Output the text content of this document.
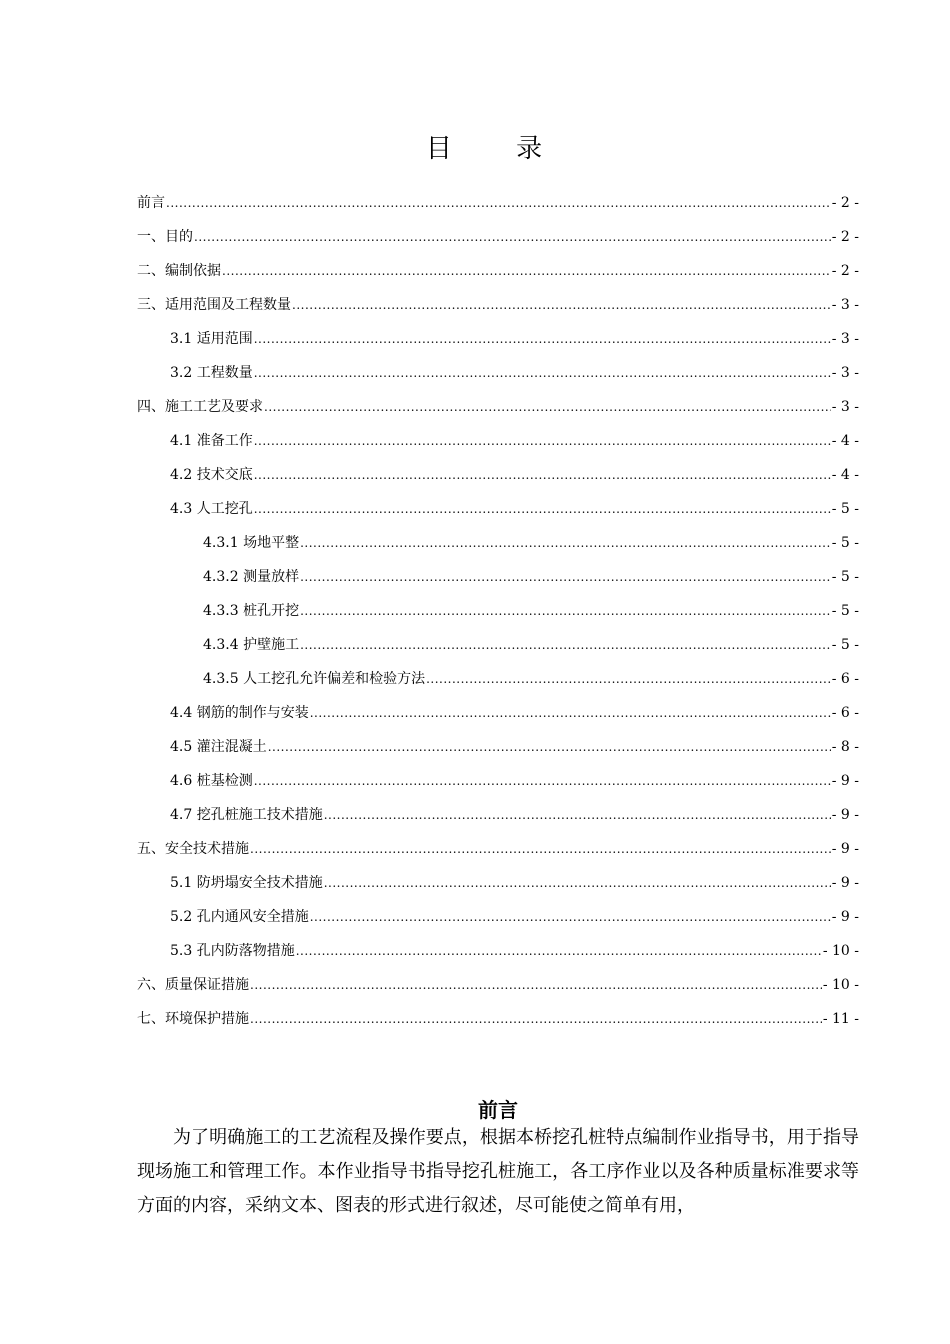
目 录
前言 .....	- 2 -
一、目的 .....	- 2 -
二、编制依据 .....	- 2 -
三、适用范围及工程数量 .....	- 3 -
3.1 适用范围 .....	- 3 -
3.2 工程数量 .....	- 3 -
四、施工工艺及要求 .....	- 3 -
4.1 准备工作 .....	- 4 -
4.2 技术交底 .....	- 4 -
4.3 人工挖孔 .....	- 5 -
4.3.1 场地平整 .....	- 5 -
4.3.2 测量放样 .....	- 5 -
4.3.3 桩孔开挖 .....	- 5 -
4.3.4 护壁施工 .....	- 5 -
4.3.5 人工挖孔允许偏差和检验方法 .....	- 6 -
4.4 钢筋的制作与安装 .....	- 6 -
4.5 灌注混凝土 .....	- 8 -
4.6 桩基检测 .....	- 9 -
4.7 挖孔桩施工技术措施 .....	- 9 -
五、安全技术措施 .....	- 9 -
5.1 防坍塌安全技术措施 .....	- 9 -
5.2 孔内通风安全措施 .....	- 9 -
5.3 孔内防落物措施 .....	- 10 -
六、质量保证措施 .....	- 10 -
七、环境保护措施 .....	- 11 -
前言

为了明确施工的工艺流程及操作要点，根据本桥挖孔桩特点编制作业指导书，用于指导现场施工和管理工作。本作业指导书指导挖孔桩施工，各工序作业以及各种质量标准要求等方面的内容，采纳文本、图表的形式进行叙述，尽可能使之简单有用，
